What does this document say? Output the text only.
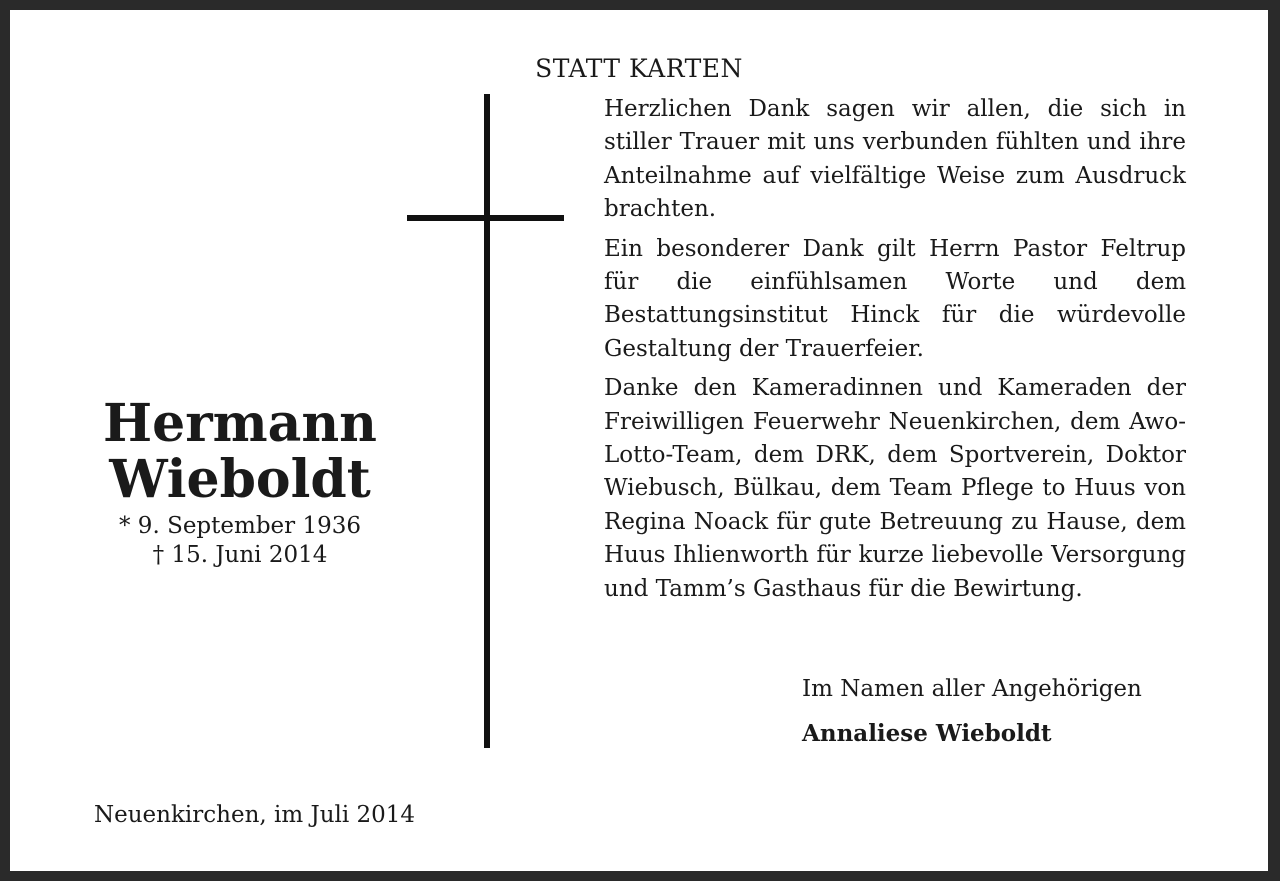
STATT KARTEN
Hermann
Wieboldt
* 9. September 1936
† 15. Juni 2014

Herzlichen Dank sagen wir allen, die sich in stiller Trauer mit uns verbunden fühlten und ihre Anteilnahme auf vielfältige Weise zum Ausdruck brachten.

Ein besonderer Dank gilt Herrn Pastor Feltrup für die einfühlsamen Worte und dem Bestattungsinstitut Hinck für die würdevolle Gestaltung der Trauerfeier.

Danke den Kameradinnen und Kameraden der Freiwilligen Feuerwehr Neuenkirchen, dem Awo-Lotto-Team, dem DRK, dem Sportverein, Doktor Wiebusch, Bülkau, dem Team Pflege to Huus von Regina Noack für gute Betreuung zu Hause, dem Huus Ihlienworth für kurze liebevolle Versorgung und Tamm’s Gasthaus für die Bewirtung.

Im Namen aller Angehörigen
Annaliese Wieboldt
Neuenkirchen, im Juli 2014
